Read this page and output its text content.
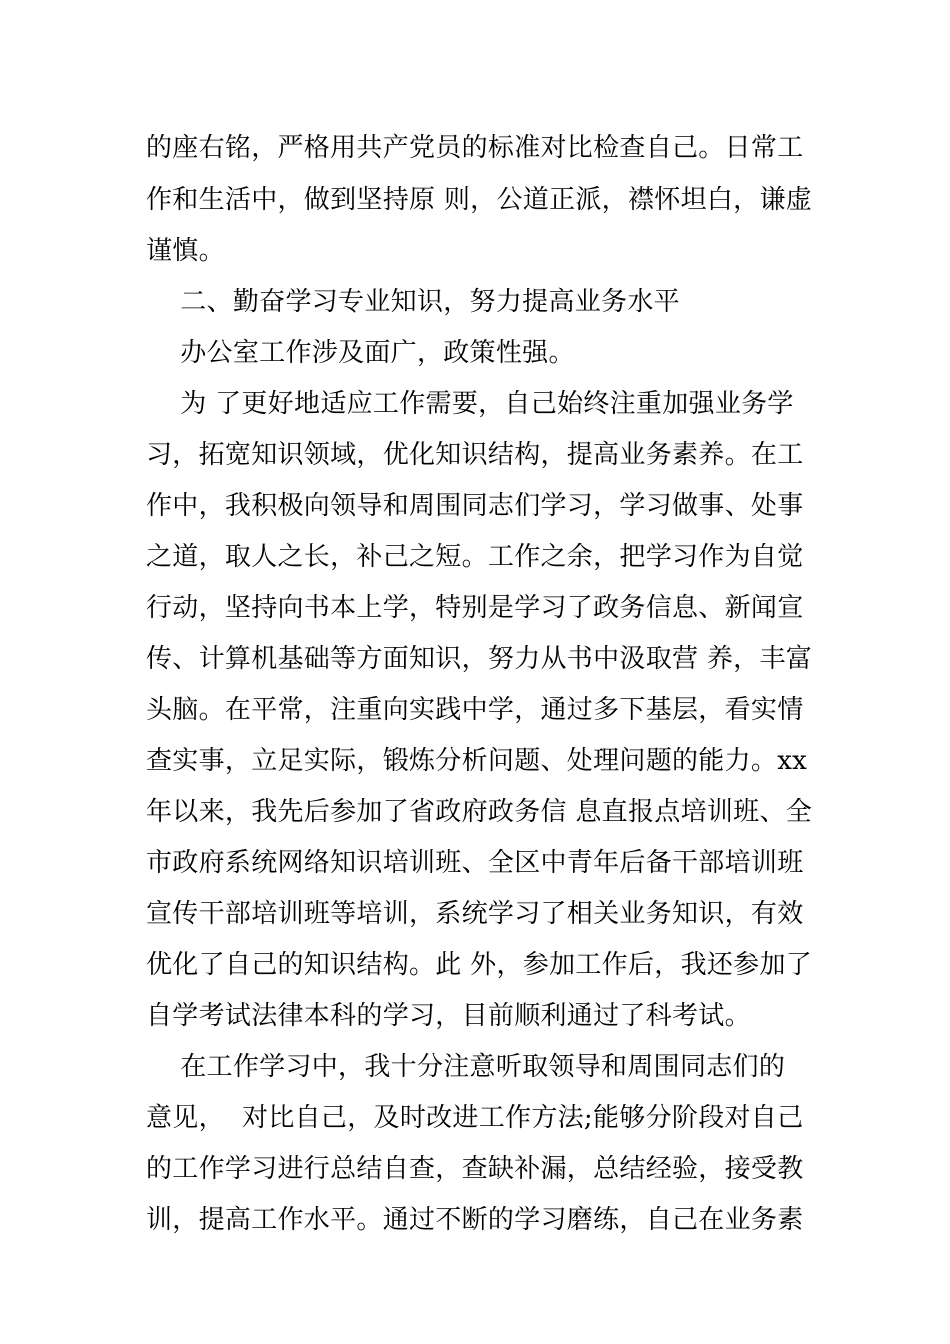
的座右铭，严格用共产党员的标准对比检查自己。日常工
作和生活中，做到坚持原 则，公道正派，襟怀坦白，谦虚
谨慎。
二、勤奋学习专业知识，努力提高业务水平
办公室工作涉及面广，政策性强。
为 了更好地适应工作需要，自己始终注重加强业务学
习，拓宽知识领域，优化知识结构，提高业务素养。在工
作中，我积极向领导和周围同志们学习，学习做事、处事
之道，取人之长，补己之短。工作之余，把学习作为自觉
行动，坚持向书本上学，特别是学习了政务信息、新闻宣
传、计算机基础等方面知识，努力从书中汲取营 养，丰富
头脑。在平常，注重向实践中学，通过多下基层，看实情
查实事，立足实际，锻炼分析问题、处理问题的能力。xx
年以来，我先后参加了省政府政务信 息直报点培训班、全
市政府系统网络知识培训班、全区中青年后备干部培训班
宣传干部培训班等培训，系统学习了相关业务知识，有效
优化了自己的知识结构。此 外，参加工作后，我还参加了
自学考试法律本科的学习，目前顺利通过了科考试。
在工作学习中，我十分注意听取领导和周围同志们的
意见，  对比自己，及时改进工作方法;能够分阶段对自己
的工作学习进行总结自查，查缺补漏，总结经验，接受教
训，提高工作水平。通过不断的学习磨练，自己在业务素
